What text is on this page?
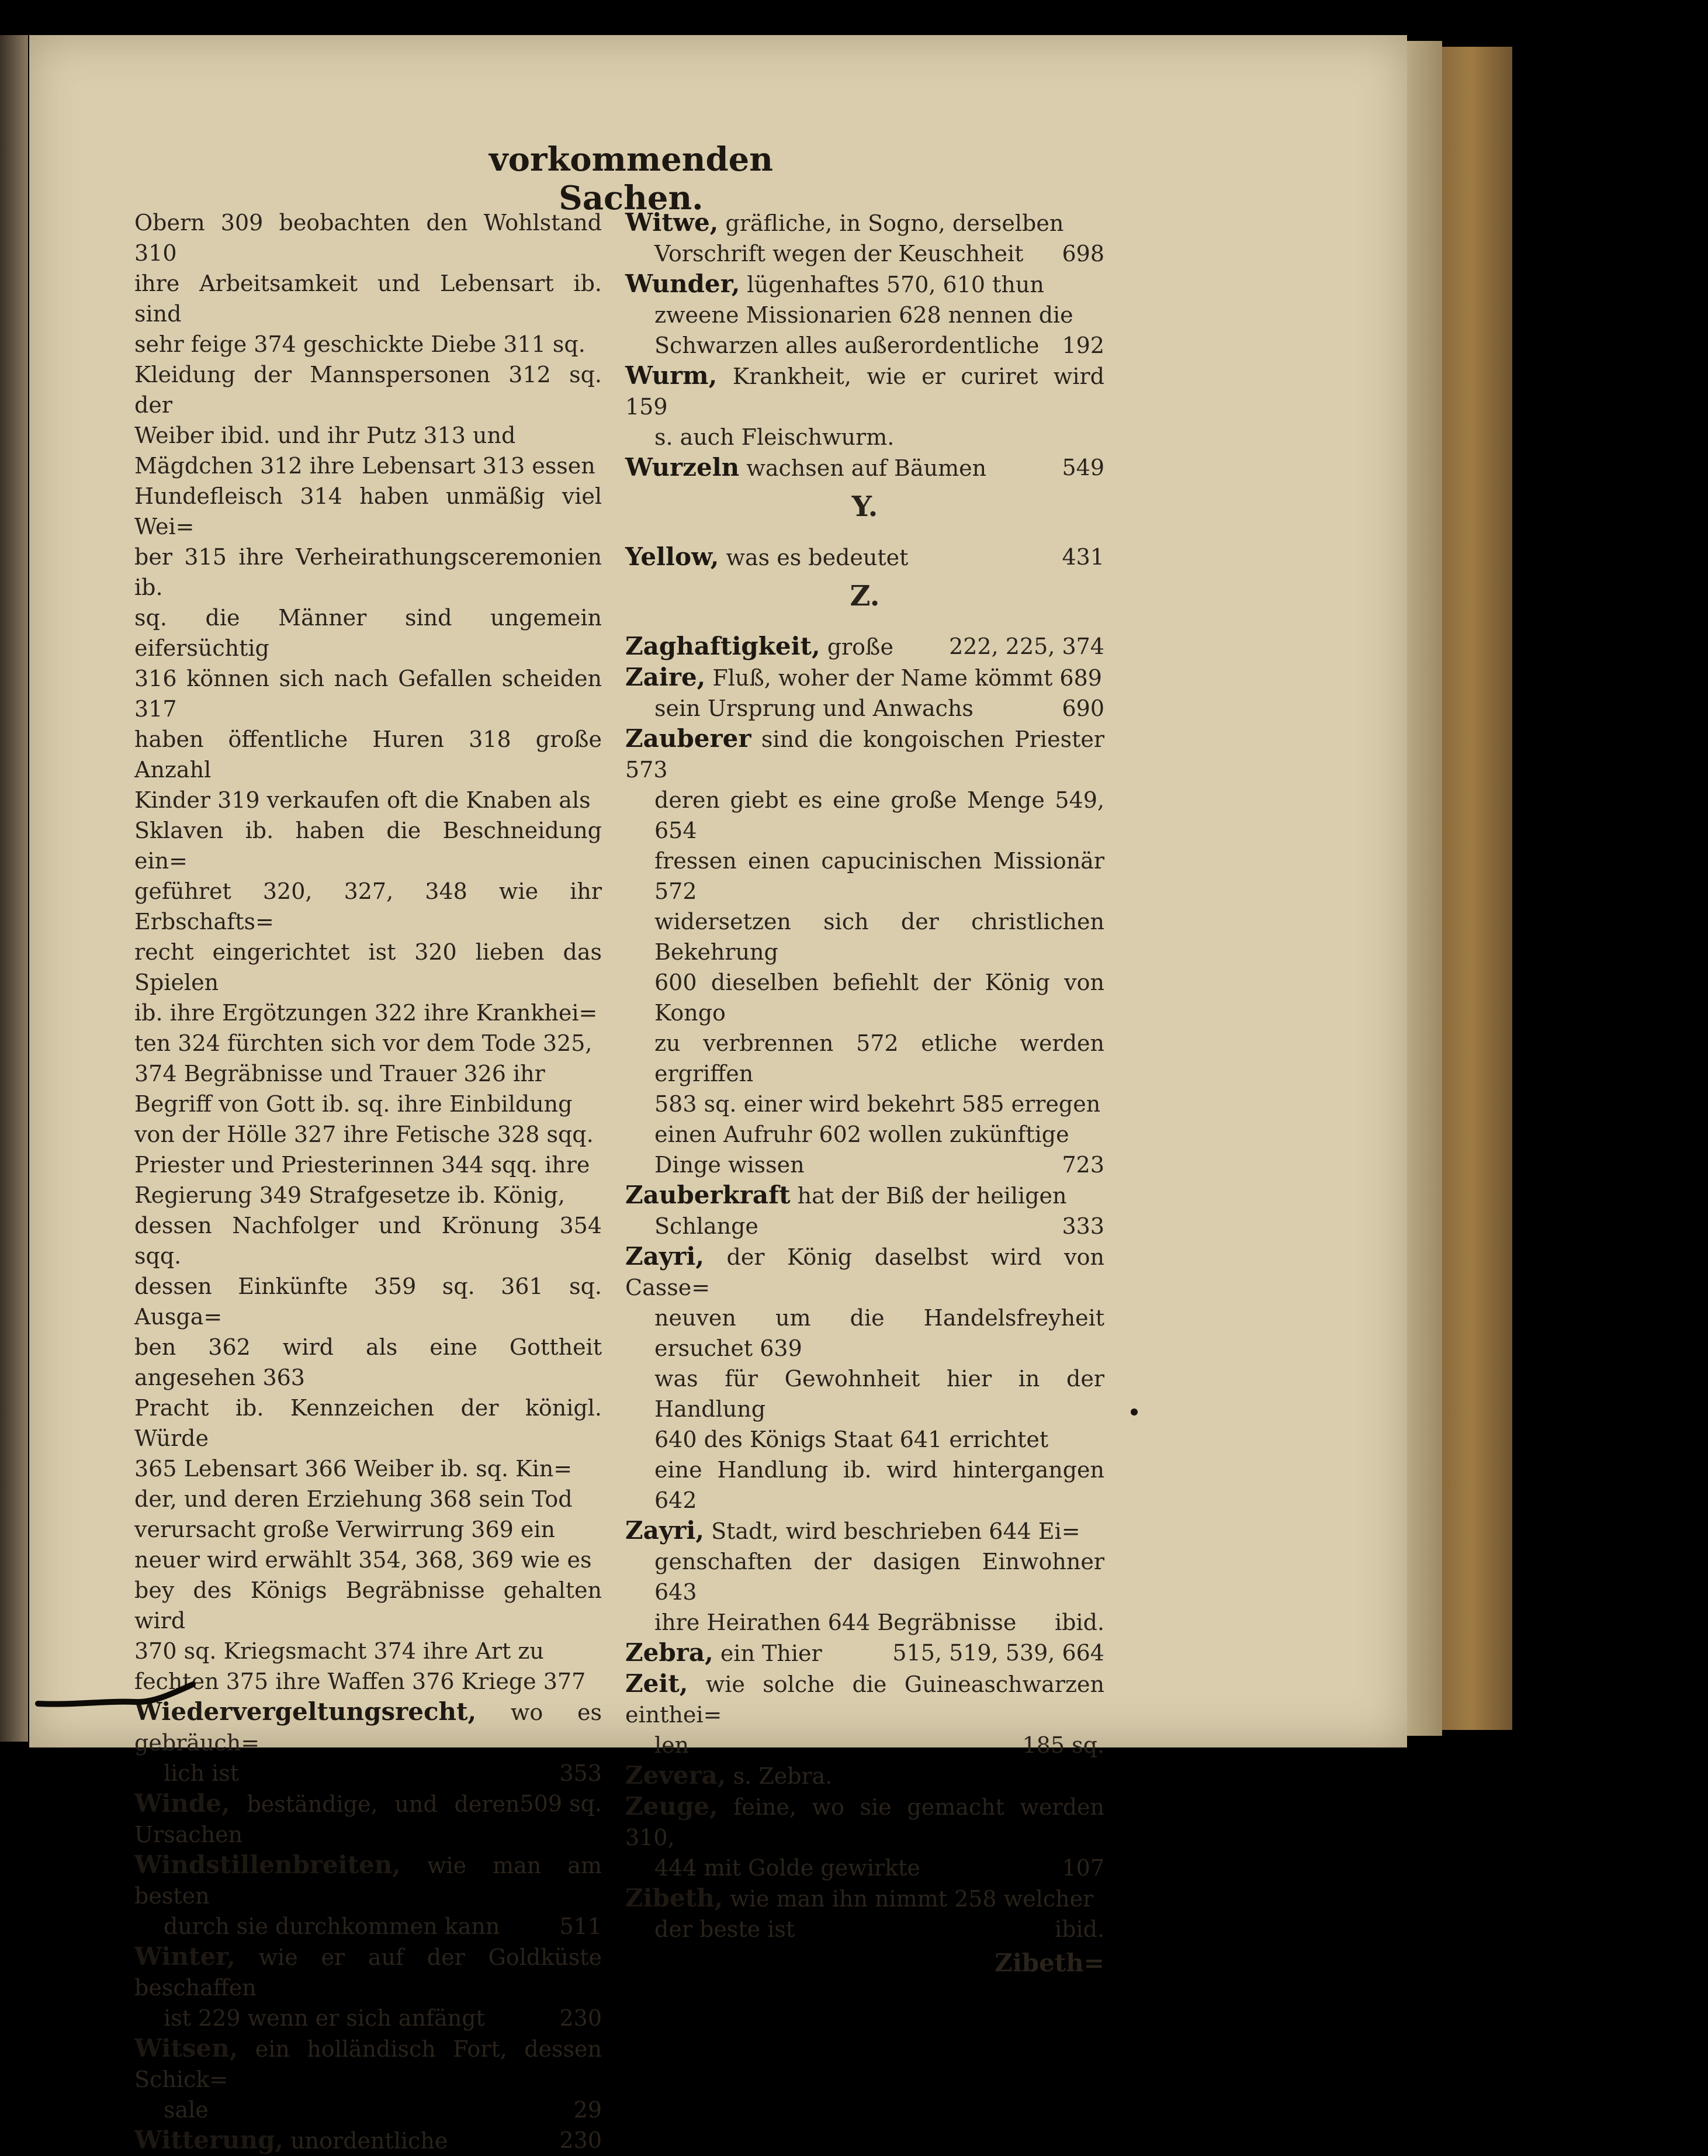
vorkommenden Sachen.
Obern 309 beobachten den Wohlstand 310
ihre Arbeitsamkeit und Lebensart ib. sind
sehr feige 374 geschickte Diebe 311 sq.
Kleidung der Mannspersonen 312 sq. der
Weiber ibid. und ihr Putz 313 und
Mägdchen 312 ihre Lebensart 313 essen
Hundefleisch 314 haben unmäßig viel Wei=
ber 315 ihre Verheirathungsceremonien ib.
sq. die Männer sind ungemein eifersüchtig
316 können sich nach Gefallen scheiden 317
haben öffentliche Huren 318 große Anzahl
Kinder 319 verkaufen oft die Knaben als
Sklaven ib. haben die Beschneidung ein=
geführet 320, 327, 348 wie ihr Erbschafts=
recht eingerichtet ist 320 lieben das Spielen
ib. ihre Ergötzungen 322 ihre Krankhei=
ten 324 fürchten sich vor dem Tode 325,
374 Begräbnisse und Trauer 326 ihr
Begriff von Gott ib. sq. ihre Einbildung
von der Hölle 327 ihre Fetische 328 sqq.
Priester und Priesterinnen 344 sqq. ihre
Regierung 349 Strafgesetze ib. König,
dessen Nachfolger und Krönung 354 sqq.
dessen Einkünfte 359 sq. 361 sq. Ausga=
ben 362 wird als eine Gottheit angesehen 363
Pracht ib. Kennzeichen der königl. Würde
365 Lebensart 366 Weiber ib. sq. Kin=
der, und deren Erziehung 368 sein Tod
verursacht große Verwirrung 369 ein
neuer wird erwählt 354, 368, 369 wie es
bey des Königs Begräbnisse gehalten wird
370 sq. Kriegsmacht 374 ihre Art zu
fechten 375 ihre Waffen 376 Kriege 377
Wiedervergeltungsrecht, wo es gebräuch=
353
lich ist
509 sq.
Winde, beständige, und deren Ursachen
Windstillenbreiten, wie man am besten
511
durch sie durchkommen kann
Winter, wie er auf der Goldküste beschaffen
230
ist 229 wenn er sich anfängt
Witsen, ein holländisch Fort, dessen Schick=
29
sale
230
Witterung, unordentliche
Witwe, gräfliche, in Sogno, derselben
698
Vorschrift wegen der Keuschheit
Wunder, lügenhaftes 570, 610 thun
zweene Missionarien 628 nennen die
192
Schwarzen alles außerordentliche
Wurm, Krankheit, wie er curiret wird 159
s. auch Fleischwurm.
549
Wurzeln wachsen auf Bäumen
Y.
431
Yellow, was es bedeutet
Z.
222, 225, 374
Zaghaftigkeit, große
Zaire, Fluß, woher der Name kömmt 689
690
sein Ursprung und Anwachs
Zauberer sind die kongoischen Priester 573
deren giebt es eine große Menge 549, 654
fressen einen capucinischen Missionär 572
widersetzen sich der christlichen Bekehrung
600 dieselben befiehlt der König von Kongo
zu verbrennen 572 etliche werden ergriffen
583 sq. einer wird bekehrt 585 erregen
einen Aufruhr 602 wollen zukünftige
723
Dinge wissen
Zauberkraft hat der Biß der heiligen
333
Schlange
Zayri, der König daselbst wird von Casse=
neuven um die Handelsfreyheit ersuchet 639
was für Gewohnheit hier in der Handlung
640 des Königs Staat 641 errichtet
eine Handlung ib. wird hintergangen 642
Zayri, Stadt, wird beschrieben 644 Ei=
genschaften der dasigen Einwohner 643
ibid.
ihre Heirathen 644 Begräbnisse
515, 519, 539, 664
Zebra, ein Thier
Zeit, wie solche die Guineaschwarzen einthei=
185 sq.
len
Zevera, s. Zebra.
Zeuge, feine, wo sie gemacht werden 310,
107
444 mit Golde gewirkte
Zibeth, wie man ihn nimmt 258 welcher
ibid.
der beste ist
Zibeth=
